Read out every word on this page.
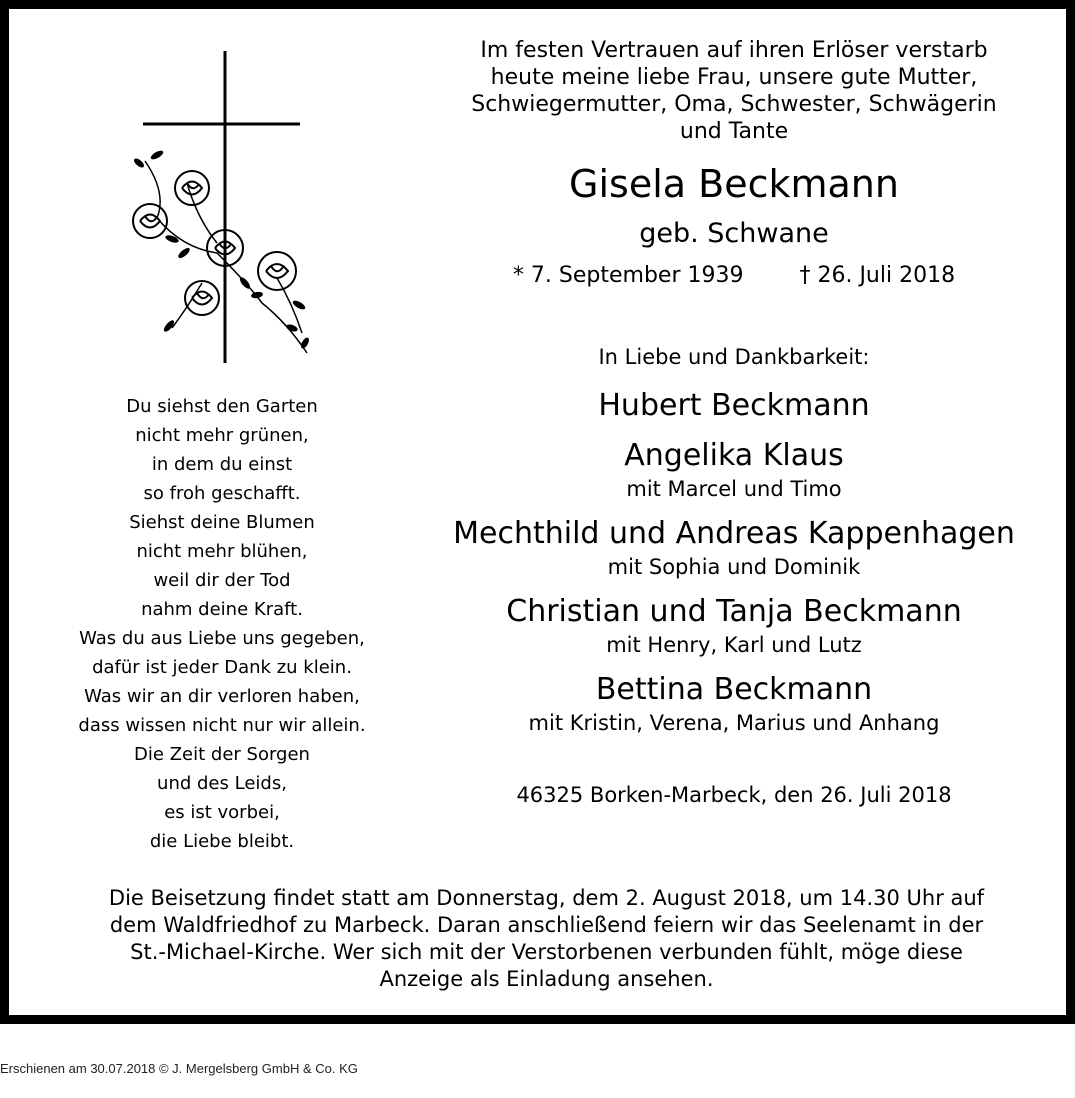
Du siehst den Garten
nicht mehr grünen,
in dem du einst
so froh geschafft.
Siehst deine Blumen
nicht mehr blühen,
weil dir der Tod
nahm deine Kraft.
Was du aus Liebe uns gegeben,
dafür ist jeder Dank zu klein.
Was wir an dir verloren haben,
dass wissen nicht nur wir allein.
Die Zeit der Sorgen
und des Leids,
es ist vorbei,
die Liebe bleibt.
Im festen Vertrauen auf ihren Erlöser verstarb
heute meine liebe Frau, unsere gute Mutter,
Schwiegermutter, Oma, Schwester, Schwägerin
und Tante
Gisela Beckmann
geb. Schwane
* 7. September 1939	† 26. Juli 2018
In Liebe und Dankbarkeit:
Hubert Beckmann
Angelika Klaus
mit Marcel und Timo
Mechthild und Andreas Kappenhagen
mit Sophia und Dominik
Christian und Tanja Beckmann
mit Henry, Karl und Lutz
Bettina Beckmann
mit Kristin, Verena, Marius und Anhang
46325 Borken-Marbeck, den 26. Juli 2018
Die Beisetzung findet statt am Donnerstag, dem 2. August 2018, um 14.30 Uhr auf
dem Waldfriedhof zu Marbeck. Daran anschließend feiern wir das Seelenamt in der
St.-Michael-Kirche. Wer sich mit der Verstorbenen verbunden fühlt, möge diese
Anzeige als Einladung ansehen.
Erschienen am 30.07.2018 © J. Mergelsberg GmbH & Co. KG
